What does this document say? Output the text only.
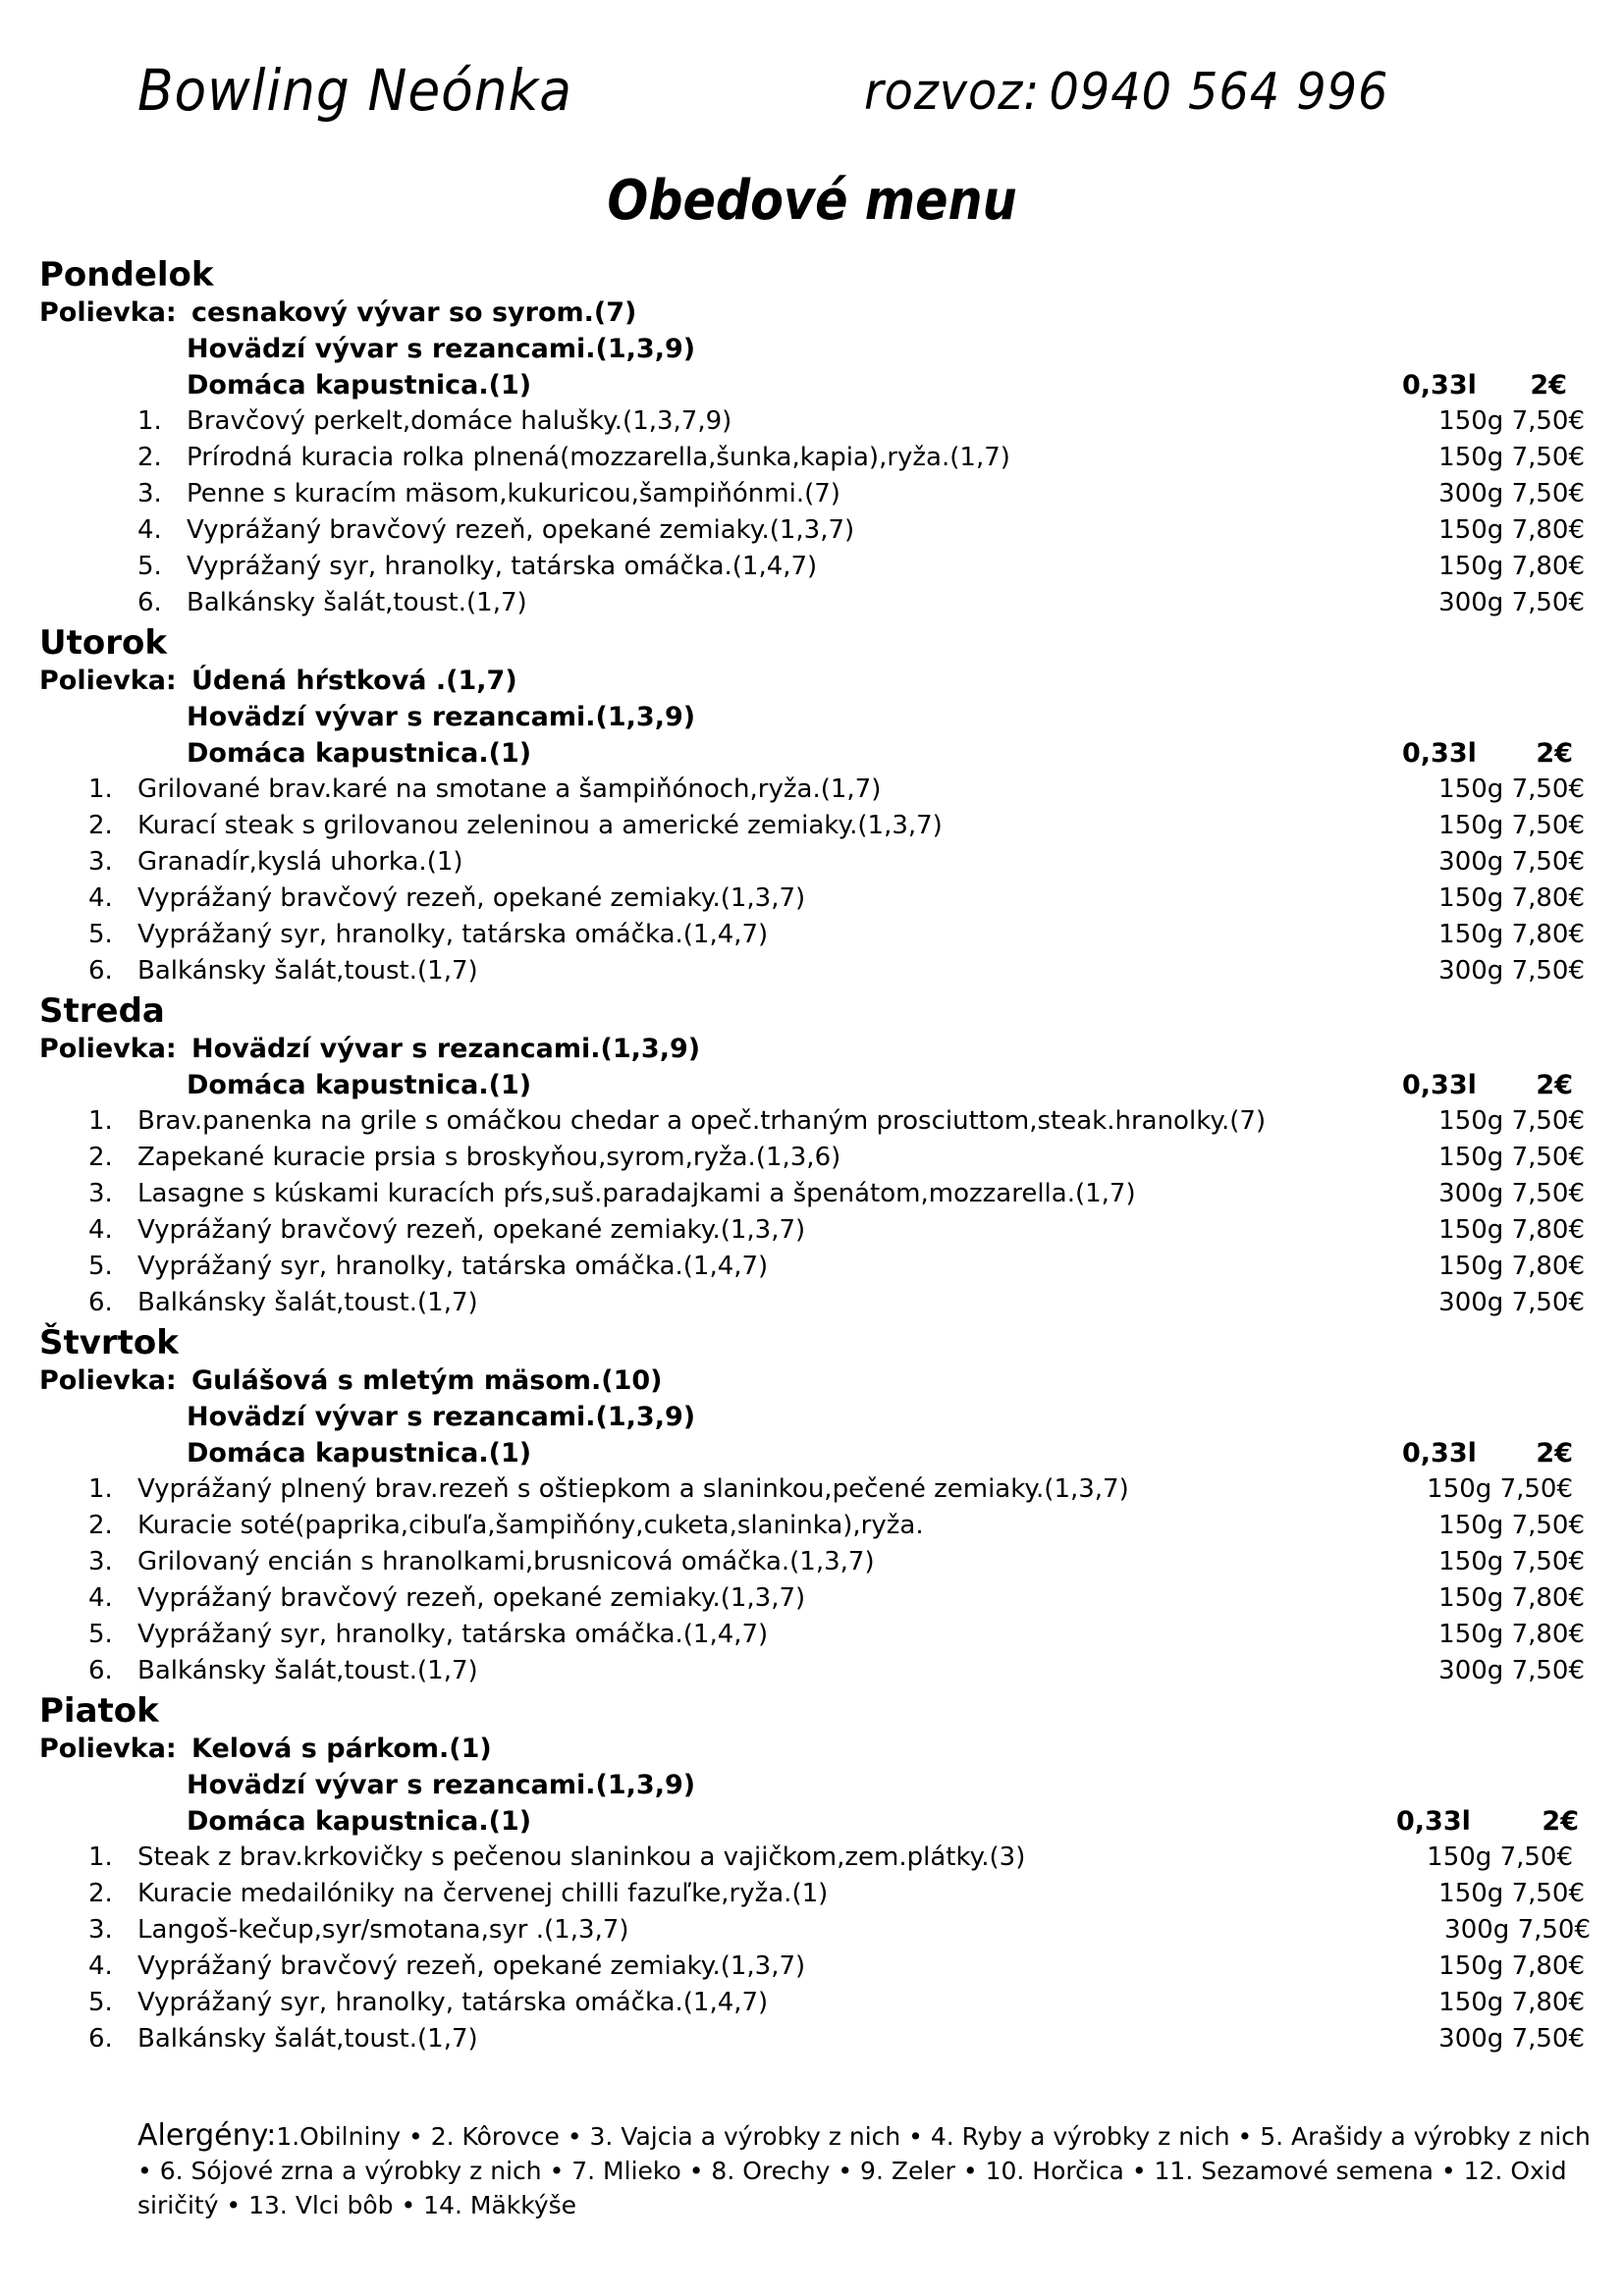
Bowling Neónka	rozvoz: 0940 564 996
Obedové menu
Pondelok
Polievka: cesnakový vývar so syrom.(7)
Hovädzí vývar s rezancami.(1,3,9)
Domáca kapustnica.(1)	0,33l 2€
1. Bravčový perkelt,domáce halušky.(1,3,7,9)	150g 7,50€
2. Prírodná kuracia rolka plnená(mozzarella,šunka,kapia),ryža.(1,7)	150g 7,50€
3. Penne s kuracím mäsom,kukuricou,šampiňónmi.(7)	300g 7,50€
4. Vyprážaný bravčový rezeň, opekané zemiaky.(1,3,7)	150g 7,80€
5. Vyprážaný syr, hranolky, tatárska omáčka.(1,4,7)	150g 7,80€
6. Balkánsky šalát,toust.(1,7)	300g 7,50€
Utorok
Polievka: Údená hŕstková .(1,7)
Hovädzí vývar s rezancami.(1,3,9)
Domáca kapustnica.(1)	0,33l 2€
1. Grilované brav.karé na smotane a šampiňónoch,ryža.(1,7)	150g 7,50€
2. Kurací steak s grilovanou zeleninou a americké zemiaky.(1,3,7)	150g 7,50€
3. Granadír,kyslá uhorka.(1)	300g 7,50€
4. Vyprážaný bravčový rezeň, opekané zemiaky.(1,3,7)	150g 7,80€
5. Vyprážaný syr, hranolky, tatárska omáčka.(1,4,7)	150g 7,80€
6. Balkánsky šalát,toust.(1,7)	300g 7,50€
Streda
Polievka: Hovädzí vývar s rezancami.(1,3,9)
Domáca kapustnica.(1)	0,33l 2€
1. Brav.panenka na grile s omáčkou chedar a opeč.trhaným prosciuttom,steak.hranolky.(7)	150g 7,50€
2. Zapekané kuracie prsia s broskyňou,syrom,ryža.(1,3,6)	150g 7,50€
3. Lasagne s kúskami kuracích pŕs,suš.paradajkami a špenátom,mozzarella.(1,7)	300g 7,50€
4. Vyprážaný bravčový rezeň, opekané zemiaky.(1,3,7)	150g 7,80€
5. Vyprážaný syr, hranolky, tatárska omáčka.(1,4,7)	150g 7,80€
6. Balkánsky šalát,toust.(1,7)	300g 7,50€
Štvrtok
Polievka: Gulášová s mletým mäsom.(10)
Hovädzí vývar s rezancami.(1,3,9)
Domáca kapustnica.(1)	0,33l 2€
1. Vyprážaný plnený brav.rezeň s oštiepkom a slaninkou,pečené zemiaky.(1,3,7)	150g 7,50€
2. Kuracie soté(paprika,cibuľa,šampiňóny,cuketa,slaninka),ryža.	150g 7,50€
3. Grilovaný encián s hranolkami,brusnicová omáčka.(1,3,7)	150g 7,50€
4. Vyprážaný bravčový rezeň, opekané zemiaky.(1,3,7)	150g 7,80€
5. Vyprážaný syr, hranolky, tatárska omáčka.(1,4,7)	150g 7,80€
6. Balkánsky šalát,toust.(1,7)	300g 7,50€
Piatok
Polievka: Kelová s párkom.(1)
Hovädzí vývar s rezancami.(1,3,9)
Domáca kapustnica.(1)	0,33l	2€
1. Steak z brav.krkovičky s pečenou slaninkou a vajičkom,zem.plátky.(3)	150g 7,50€
2. Kuracie medailóniky na červenej chilli fazuľke,ryža.(1)	150g 7,50€
3. Langoš-kečup,syr/smotana,syr .(1,3,7)	300g 7,50€
4. Vyprážaný bravčový rezeň, opekané zemiaky.(1,3,7)	150g 7,80€
5. Vyprážaný syr, hranolky, tatárska omáčka.(1,4,7)	150g 7,80€
6. Balkánsky šalát,toust.(1,7)	300g 7,50€
Alergény:1.Obilniny • 2. Kôrovce • 3. Vajcia a výrobky z nich • 4. Ryby a výrobky z nich • 5. Arašidy a výrobky z nich • 6. Sójové zrna a výrobky z nich • 7. Mlieko • 8. Orechy • 9. Zeler • 10. Horčica • 11. Sezamové semena • 12. Oxid siričitý • 13. Vlci bôb • 14. Mäkkýše
